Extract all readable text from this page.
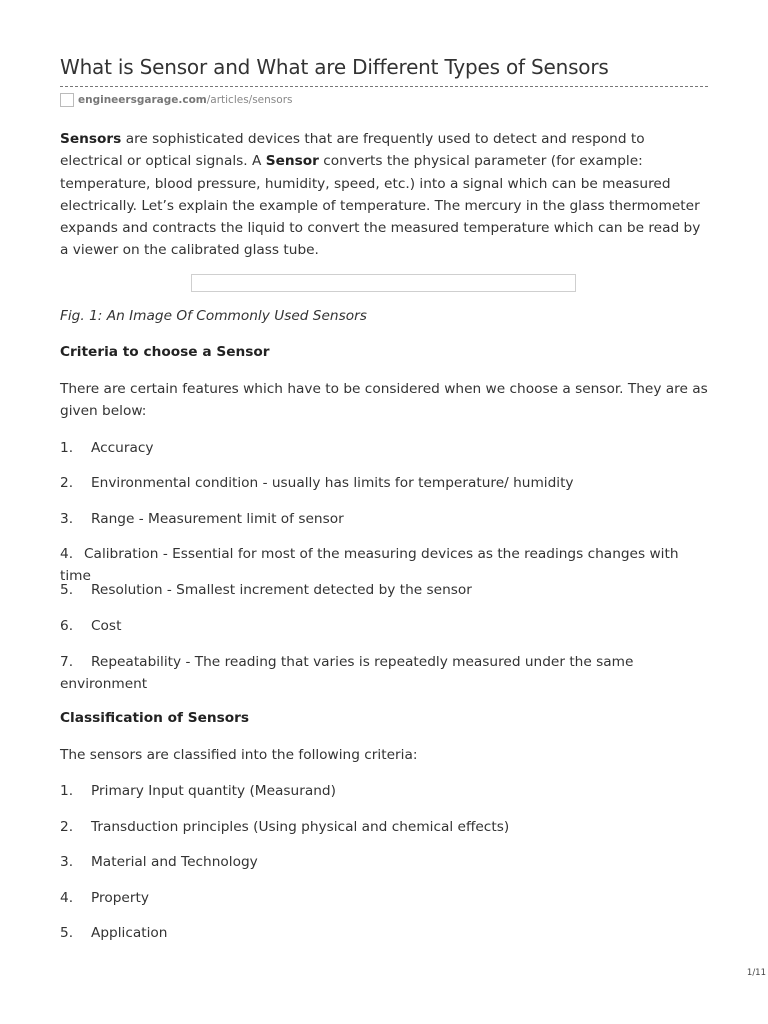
What is Sensor and What are Different Types of Sensors
engineersgarage.com /articles/sensors

Sensors are sophisticated devices that are frequently used to detect and respond to electrical or optical signals. A Sensor converts the physical parameter (for example: temperature, blood pressure, humidity, speed, etc.) into a signal which can be measured electrically. Let’s explain the example of temperature. The mercury in the glass thermometer expands and contracts the liquid to convert the measured temperature which can be read by a viewer on the calibrated glass tube.

Fig. 1: An Image Of Commonly Used Sensors

Criteria to choose a Sensor

There are certain features which have to be considered when we choose a sensor. They are as given below:

1. Accuracy

2. Environmental condition - usually has limits for temperature/ humidity

3. Range - Measurement limit of sensor

4. Calibration - Essential for most of the measuring devices as the readings changes with time

5. Resolution - Smallest increment detected by the sensor

6. Cost

7. Repeatability - The reading that varies is repeatedly measured under the same environment

Classification of Sensors

The sensors are classified into the following criteria:

1. Primary Input quantity (Measurand)

2. Transduction principles (Using physical and chemical effects)

3. Material and Technology

4. Property

5. Application

1/11
